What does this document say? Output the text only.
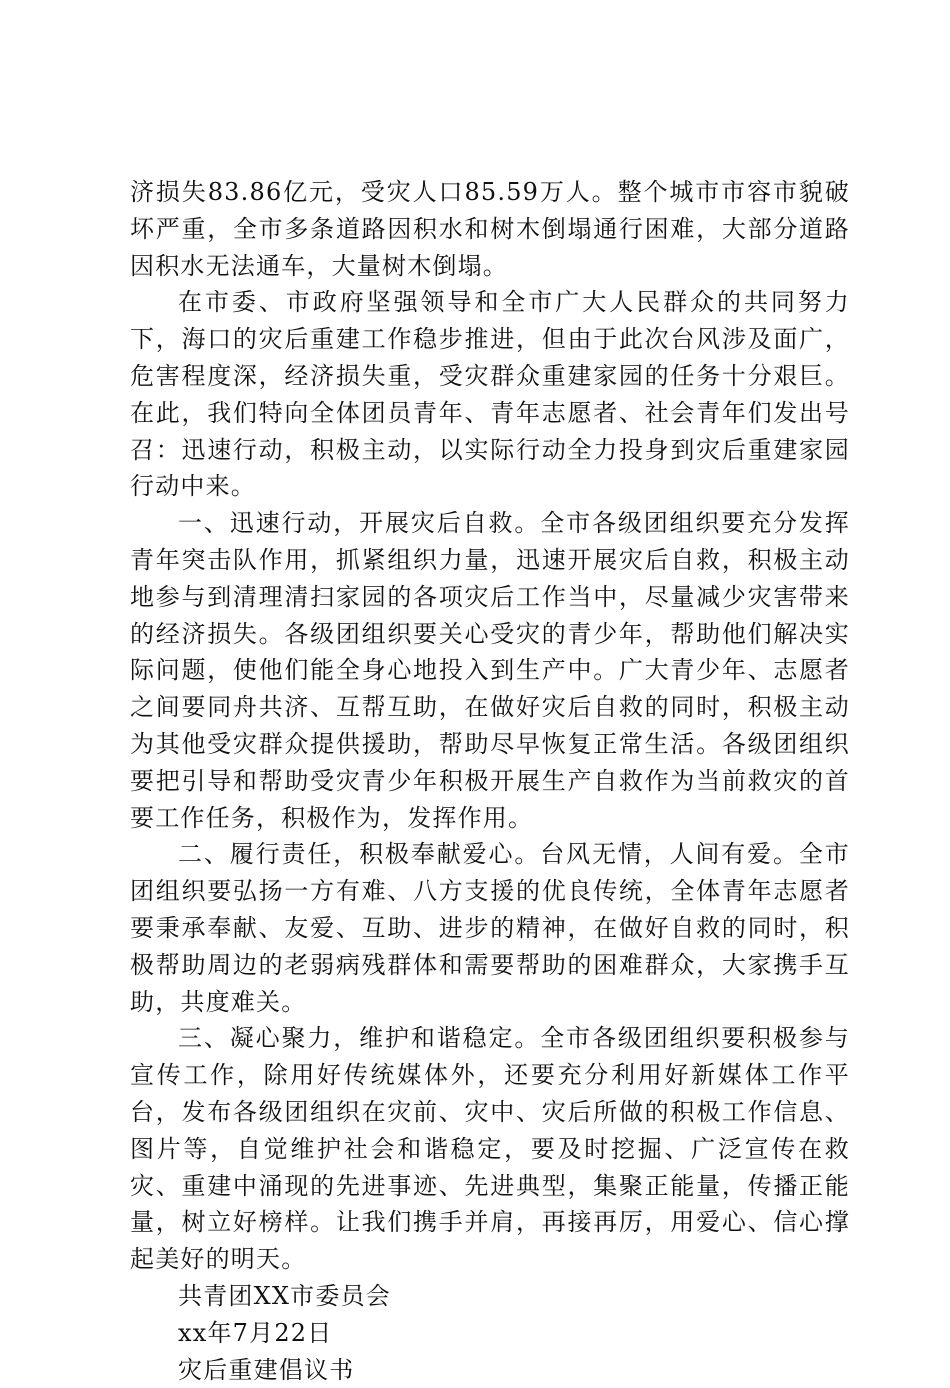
济损失83.86亿元，受灾人口85.59万人。整个城市市容市貌破坏严重，全市多条道路因积水和树木倒塌通行困难，大部分道路因积水无法通车，大量树木倒塌。

在市委、市政府坚强领导和全市广大人民群众的共同努力下，海口的灾后重建工作稳步推进，但由于此次台风涉及面广，危害程度深，经济损失重，受灾群众重建家园的任务十分艰巨。在此，我们特向全体团员青年、青年志愿者、社会青年们发出号召：迅速行动，积极主动，以实际行动全力投身到灾后重建家园行动中来。

一、迅速行动，开展灾后自救。全市各级团组织要充分发挥青年突击队作用，抓紧组织力量，迅速开展灾后自救，积极主动地参与到清理清扫家园的各项灾后工作当中，尽量减少灾害带来的经济损失。各级团组织要关心受灾的青少年，帮助他们解决实际问题，使他们能全身心地投入到生产中。广大青少年、志愿者之间要同舟共济、互帮互助，在做好灾后自救的同时，积极主动为其他受灾群众提供援助，帮助尽早恢复正常生活。各级团组织要把引导和帮助受灾青少年积极开展生产自救作为当前救灾的首要工作任务，积极作为，发挥作用。

二、履行责任，积极奉献爱心。台风无情，人间有爱。全市团组织要弘扬一方有难、八方支援的优良传统，全体青年志愿者要秉承奉献、友爱、互助、进步的精神，在做好自救的同时，积极帮助周边的老弱病残群体和需要帮助的困难群众，大家携手互助，共度难关。

三、凝心聚力，维护和谐稳定。全市各级团组织要积极参与宣传工作，除用好传统媒体外，还要充分利用好新媒体工作平台，发布各级团组织在灾前、灾中、灾后所做的积极工作信息、图片等，自觉维护社会和谐稳定，要及时挖掘、广泛宣传在救灾、重建中涌现的先进事迹、先进典型，集聚正能量，传播正能量，树立好榜样。让我们携手并肩，再接再厉，用爱心、信心撑起美好的明天。

共青团XX市委员会

xx年7月22日

灾后重建倡议书
